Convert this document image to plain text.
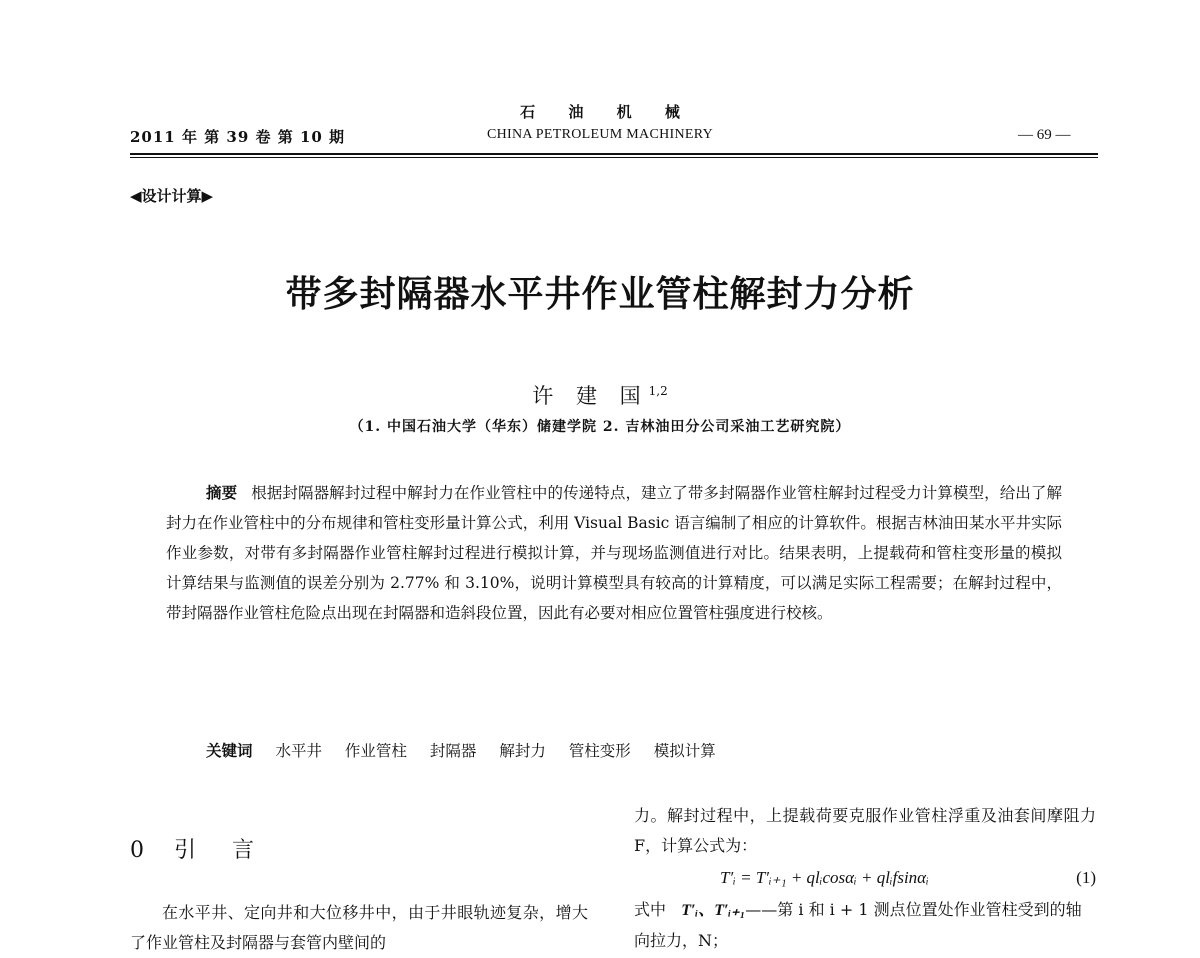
2011 年 第 39 卷 第 10 期
石 油 机 械
CHINA PETROLEUM MACHINERY	— 69 —
◀设计计算▶
带多封隔器水平井作业管柱解封力分析
许 建 国$^{1,2}$
（1. 中国石油大学（华东）储建学院 2. 吉林油田分公司采油工艺研究院）
摘要 根据封隔器解封过程中解封力在作业管柱中的传递特点，建立了带多封隔器作业管柱解封过程受力计算模型，给出了解封力在作业管柱中的分布规律和管柱变形量计算公式，利用 Visual Basic 语言编制了相应的计算软件。根据吉林油田某水平井实际作业参数，对带有多封隔器作业管柱解封过程进行模拟计算，并与现场监测值进行对比。结果表明，上提载荷和管柱变形量的模拟计算结果与监测值的误差分别为 2.77% 和 3.10%，说明计算模型具有较高的计算精度，可以满足实际工程需要；在解封过程中，带封隔器作业管柱危险点出现在封隔器和造斜段位置，因此有必要对相应位置管柱强度进行校核。
关键词 水平井 作业管柱 封隔器 解封力 管柱变形 模拟计算
0 引 言
在水平井、定向井和大位移井中，由于井眼轨迹复杂，增大了作业管柱及封隔器与套管内壁间的
力。解封过程中，上提载荷要克服作业管柱浮重及油套间摩阻力 F，计算公式为：
T′ᵢ = T′ᵢ₊₁ + qlᵢcosαᵢ + qlᵢfsinαᵢ	(1)
式中 T′ᵢ、T′ᵢ₊₁——第 i 和 i + 1 测点位置处作业管柱受到的轴向拉力，N；
